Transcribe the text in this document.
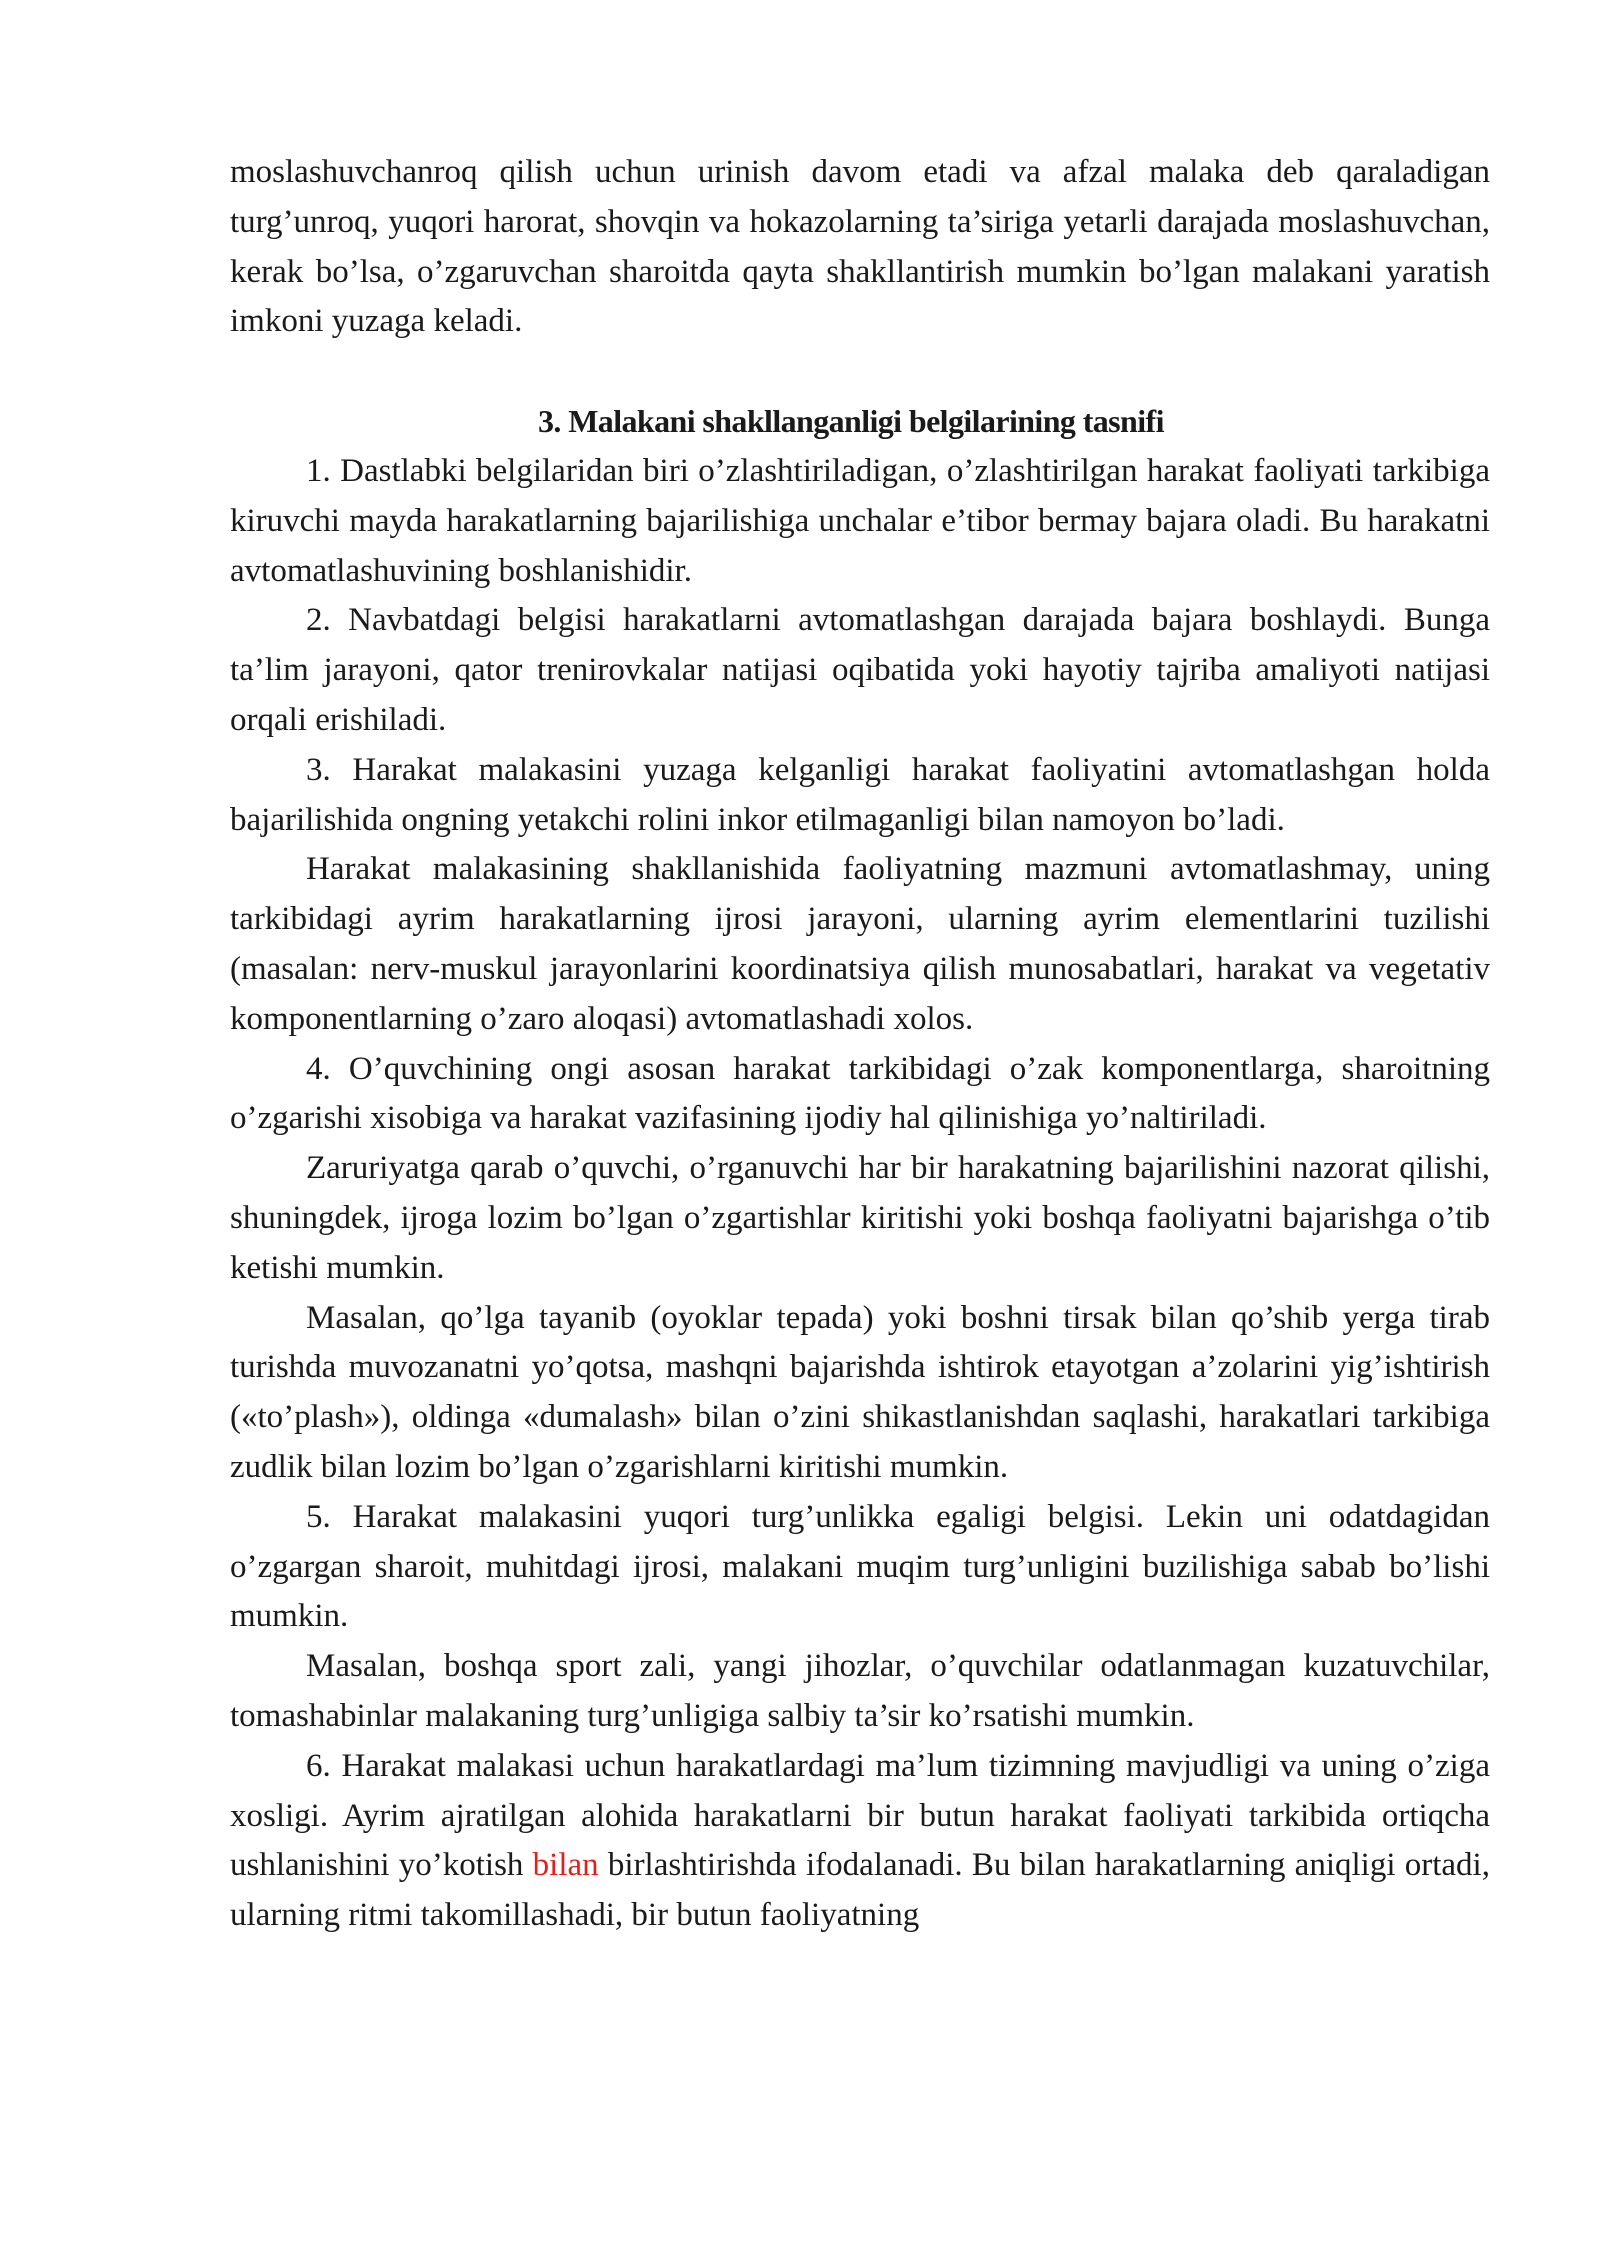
moslashuvchanroq qilish uchun urinish davom etadi va afzal malaka deb qaraladigan turg’unroq, yuqori harorat, shovqin va hokazolarning ta’siriga yetarli darajada moslashuvchan, kerak bo’lsa, o’zgaruvchan sharoitda qayta shakllantirish mumkin bo’lgan malakani yaratish imkoni yuzaga keladi.

3. Malakani shakllanganligi belgilarining tasnifi

1. Dastlabki belgilaridan biri o’zlashtiriladigan, o’zlashtirilgan harakat faoliyati tarkibiga kiruvchi mayda harakatlarning bajarilishiga unchalar e’tibor bermay bajara oladi. Bu harakatni avtomatlashuvining boshlanishidir.

2. Navbatdagi belgisi harakatlarni avtomatlashgan darajada bajara boshlaydi. Bunga ta’lim jarayoni, qator trenirovkalar natijasi oqibatida yoki hayotiy tajriba amaliyoti natijasi orqali erishiladi.

3. Harakat malakasini yuzaga kelganligi harakat faoliyatini avtomatlashgan holda bajarilishida ongning yetakchi rolini inkor etilmaganligi bilan namoyon bo’ladi.

Harakat malakasining shakllanishida faoliyatning mazmuni avtomatlashmay, uning tarkibidagi ayrim harakatlarning ijrosi jarayoni, ularning ayrim elementlarini tuzilishi (masalan: nerv-muskul jarayonlarini koordinatsiya qilish munosabatlari, harakat va vegetativ komponentlarning o’zaro aloqasi) avtomatlashadi xolos.

4. O’quvchining ongi asosan harakat tarkibidagi o’zak komponentlarga, sharoitning o’zgarishi xisobiga va harakat vazifasining ijodiy hal qilinishiga yo’naltiriladi.

Zaruriyatga qarab o’quvchi, o’rganuvchi har bir harakatning bajarilishini nazorat qilishi, shuningdek, ijroga lozim bo’lgan o’zgartishlar kiritishi yoki boshqa faoliyatni bajarishga o’tib ketishi mumkin.

Masalan, qo’lga tayanib (oyoklar tepada) yoki boshni tirsak bilan qo’shib yerga tirab turishda muvozanatni yo’qotsa, mashqni bajarishda ishtirok etayotgan a’zolarini yig’ishtirish («to’plash»), oldinga «dumalash» bilan o’zini shikastlanishdan saqlashi, harakatlari tarkibiga zudlik bilan lozim bo’lgan o’zgarishlarni kiritishi mumkin.

5. Harakat malakasini yuqori turg’unlikka egaligi belgisi. Lekin uni odatdagidan o’zgargan sharoit, muhitdagi ijrosi, malakani muqim turg’unligini buzilishiga sabab bo’lishi mumkin.

Masalan, boshqa sport zali, yangi jihozlar, o’quvchilar odatlanmagan kuzatuvchilar, tomashabinlar malakaning turg’unligiga salbiy ta’sir ko’rsatishi mumkin.

6. Harakat malakasi uchun harakatlardagi ma’lum tizimning mavjudligi va uning o’ziga xosligi. Ayrim ajratilgan alohida harakatlarni bir butun harakat faoliyati tarkibida ortiqcha ushlanishini yo’kotish bilan birlashtirishda ifodalanadi. Bu bilan harakatlarning aniqligi ortadi, ularning ritmi takomillashadi, bir butun faoliyatning
